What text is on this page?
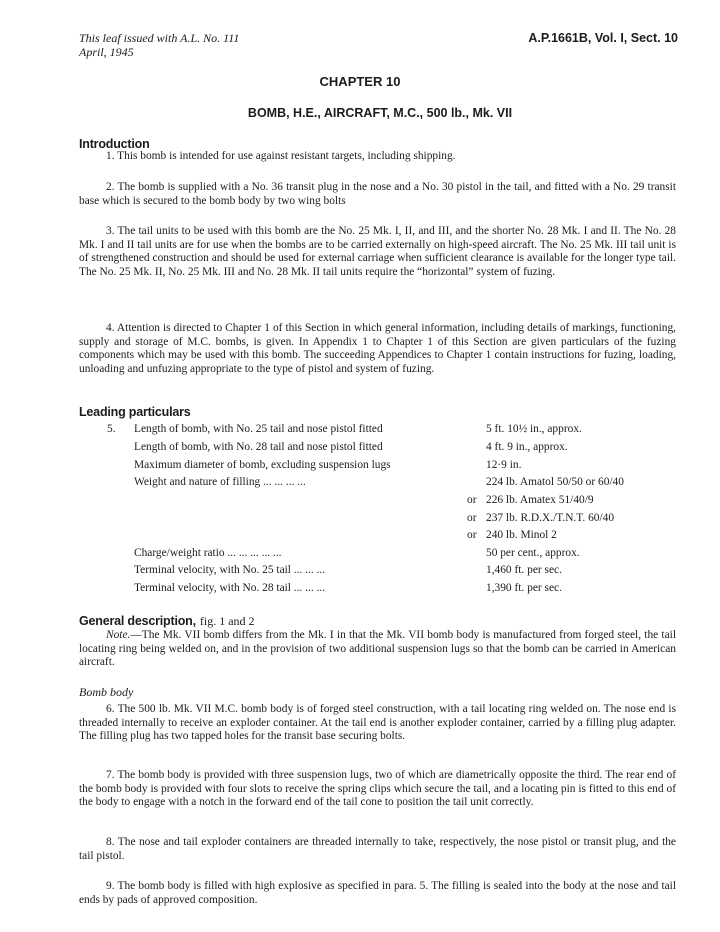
This leaf issued with A.L. No. 111
April, 1945
A.P.1661B, Vol. I, Sect. 10
CHAPTER 10
BOMB, H.E., AIRCRAFT, M.C., 500 lb., Mk. VII
Introduction
1. This bomb is intended for use against resistant targets, including shipping.
2. The bomb is supplied with a No. 36 transit plug in the nose and a No. 30 pistol in the tail, and fitted with a No. 29 transit base which is secured to the bomb body by two wing bolts
3. The tail units to be used with this bomb are the No. 25 Mk. I, II, and III, and the shorter No. 28 Mk. I and II. The No. 28 Mk. I and II tail units are for use when the bombs are to be carried externally on high-speed aircraft. The No. 25 Mk. III tail unit is of strengthened construction and should be used for external carriage when sufficient clearance is available for the longer type tail. The No. 25 Mk. II, No. 25 Mk. III and No. 28 Mk. II tail units require the “horizontal” system of fuzing.
4. Attention is directed to Chapter 1 of this Section in which general information, including details of markings, functioning, supply and storage of M.C. bombs, is given. In Appendix 1 to Chapter 1 of this Section are given particulars of the fuzing components which may be used with this bomb. The succeeding Appendices to Chapter 1 contain instructions for fuzing, loading, unloading and unfuzing appropriate to the type of pistol and system of fuzing.
Leading particulars
5. Length of bomb, with No. 25 tail and nose pistol fitted	5 ft. 10½ in., approx.
Length of bomb, with No. 28 tail and nose pistol fitted	4 ft. 9 in., approx.
Maximum diameter of bomb, excluding suspension lugs	12·9 in.
Weight and nature of filling ... ... ... ...	224 lb. Amatol 50/50 or 60/40
or 226 lb. Amatex 51/40/9
or 237 lb. R.D.X./T.N.T. 60/40
or 240 lb. Minol 2
Charge/weight ratio ... ... ... ... ...	50 per cent., approx.
Terminal velocity, with No. 25 tail ... ... ...	1,460 ft. per sec.
Terminal velocity, with No. 28 tail ... ... ...	1,390 ft. per sec.
General description, fig. 1 and 2
Note.—The Mk. VII bomb differs from the Mk. I in that the Mk. VII bomb body is manufactured from forged steel, the tail locating ring being welded on, and in the provision of two additional suspension lugs so that the bomb can be carried in American aircraft.
Bomb body
6. The 500 lb. Mk. VII M.C. bomb body is of forged steel construction, with a tail locating ring welded on. The nose end is threaded internally to receive an exploder container. At the tail end is another exploder container, carried by a filling plug adapter. The filling plug has two tapped holes for the transit base securing bolts.
7. The bomb body is provided with three suspension lugs, two of which are diametrically opposite the third. The rear end of the bomb body is provided with four slots to receive the spring clips which secure the tail, and a locating pin is fitted to this end of the body to engage with a notch in the forward end of the tail cone to position the tail unit correctly.
8. The nose and tail exploder containers are threaded internally to take, respectively, the nose pistol or transit plug, and the tail pistol.
9. The bomb body is filled with high explosive as specified in para. 5. The filling is sealed into the body at the nose and tail ends by pads of approved composition.
